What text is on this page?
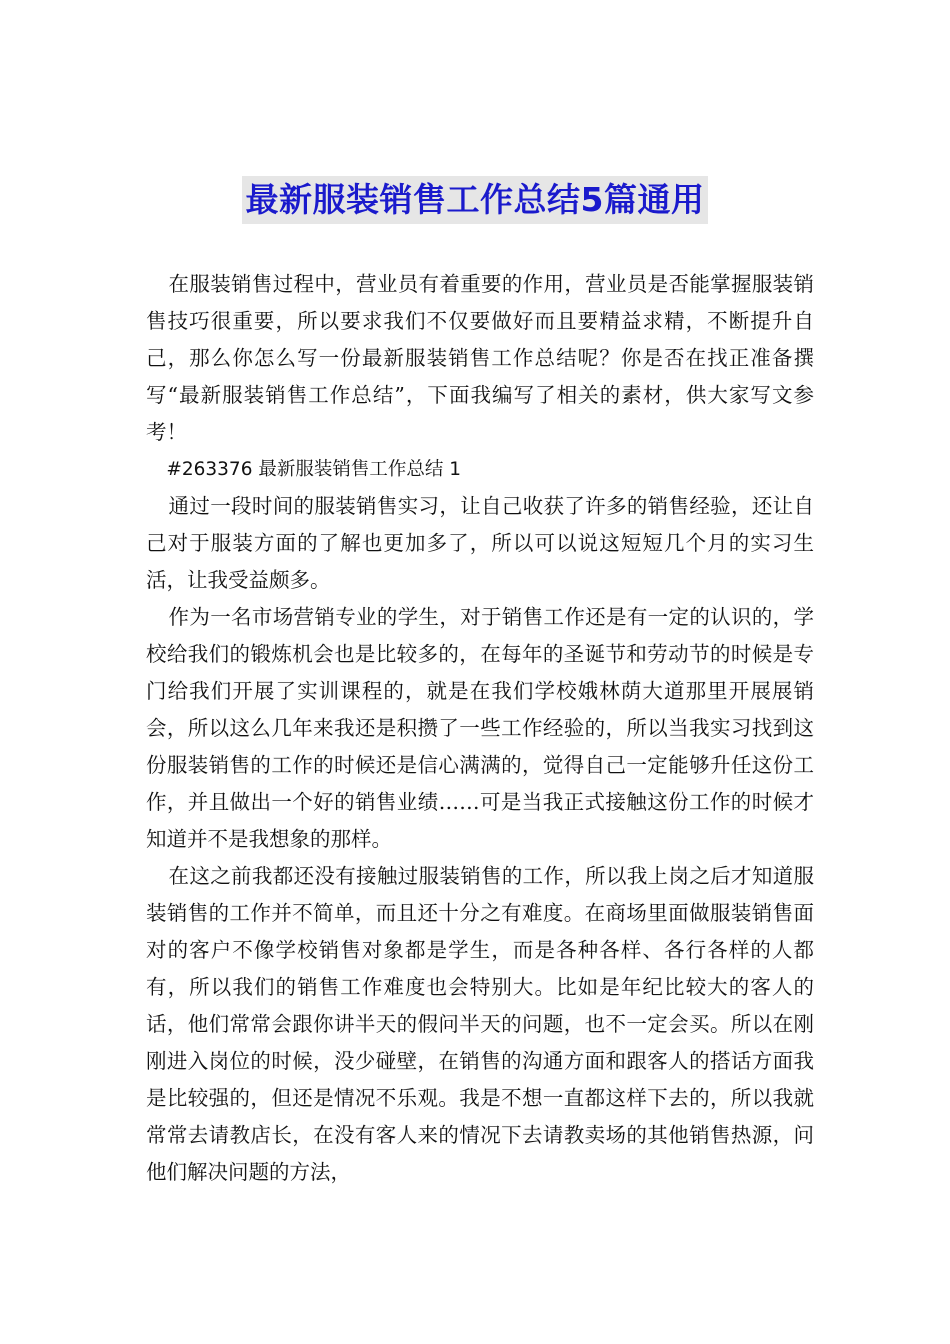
最新服装销售工作总结5篇通用

在服装销售过程中，营业员有着重要的作用，营业员是否能掌握服装销售技巧很重要，所以要求我们不仅要做好而且要精益求精，不断提升自己，那么你怎么写一份最新服装销售工作总结呢？你是否在找正准备撰写“最新服装销售工作总结”，下面我编写了相关的素材，供大家写文参考！

#263376 最新服装销售工作总结 1

通过一段时间的服装销售实习，让自己收获了许多的销售经验，还让自己对于服装方面的了解也更加多了，所以可以说这短短几个月的实习生活，让我受益颇多。

作为一名市场营销专业的学生，对于销售工作还是有一定的认识的，学校给我们的锻炼机会也是比较多的，在每年的圣诞节和劳动节的时候是专门给我们开展了实训课程的，就是在我们学校娥林荫大道那里开展展销会，所以这么几年来我还是积攒了一些工作经验的，所以当我实习找到这份服装销售的工作的时候还是信心满满的，觉得自己一定能够升任这份工作，并且做出一个好的销售业绩……可是当我正式接触这份工作的时候才知道并不是我想象的那样。

在这之前我都还没有接触过服装销售的工作，所以我上岗之后才知道服装销售的工作并不简单，而且还十分之有难度。在商场里面做服装销售面对的客户不像学校销售对象都是学生，而是各种各样、各行各样的人都有，所以我们的销售工作难度也会特别大。比如是年纪比较大的客人的话，他们常常会跟你讲半天的假问半天的问题，也不一定会买。所以在刚刚进入岗位的时候，没少碰壁，在销售的沟通方面和跟客人的搭话方面我是比较强的，但还是情况不乐观。我是不想一直都这样下去的，所以我就常常去请教店长，在没有客人来的情况下去请教卖场的其他销售热源，问他们解决问题的方法，
